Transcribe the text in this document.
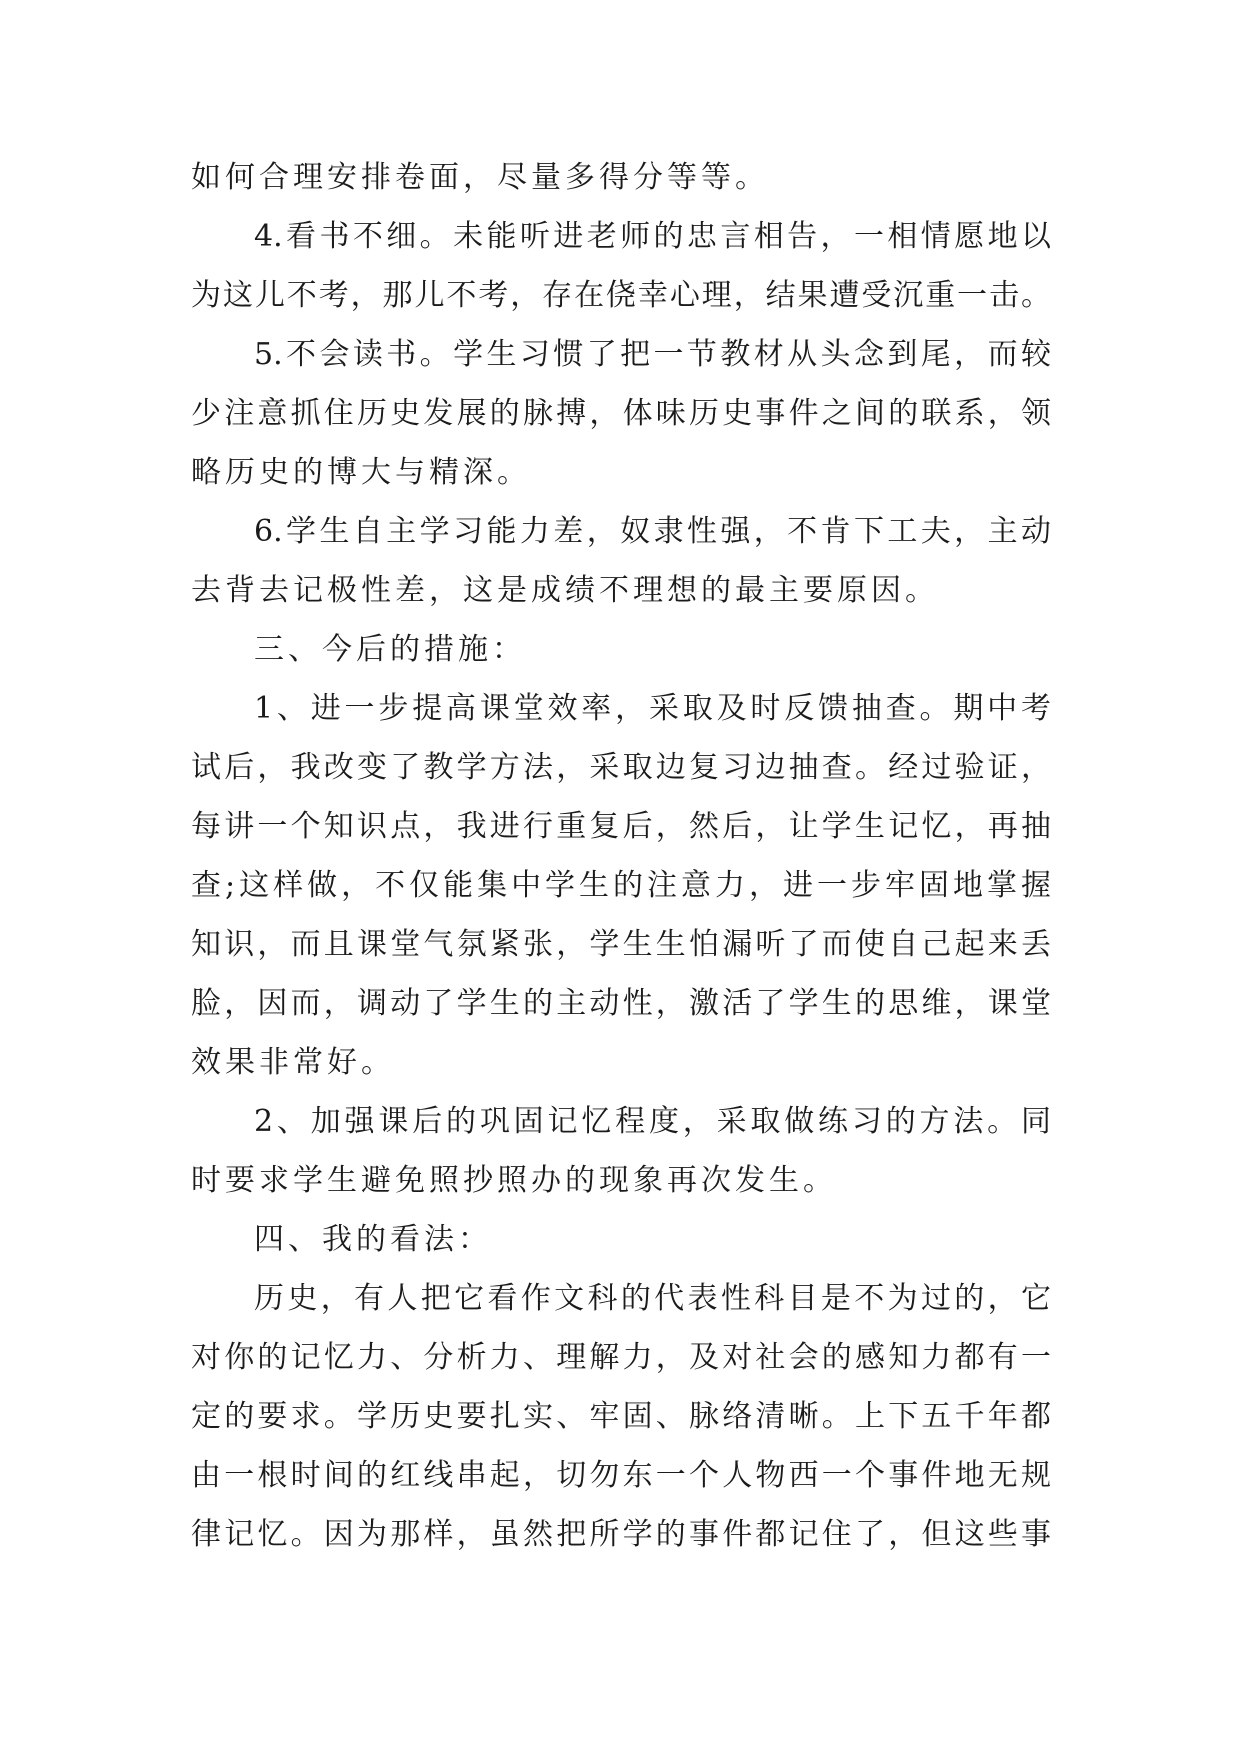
如何合理安排卷面，尽量多得分等等。
4.看书不细。未能听进老师的忠言相告，一相情愿地以
为这儿不考，那儿不考，存在侥幸心理，结果遭受沉重一击。
5.不会读书。学生习惯了把一节教材从头念到尾，而较
少注意抓住历史发展的脉搏，体味历史事件之间的联系，领
略历史的博大与精深。
6.学生自主学习能力差，奴隶性强，不肯下工夫，主动
去背去记极性差，这是成绩不理想的最主要原因。
三、今后的措施：
1、进一步提高课堂效率，采取及时反馈抽查。期中考
试后，我改变了教学方法，采取边复习边抽查。经过验证，
每讲一个知识点，我进行重复后，然后，让学生记忆，再抽
查;这样做，不仅能集中学生的注意力，进一步牢固地掌握
知识，而且课堂气氛紧张，学生生怕漏听了而使自己起来丢
脸，因而，调动了学生的主动性，激活了学生的思维，课堂
效果非常好。
2、加强课后的巩固记忆程度，采取做练习的方法。同
时要求学生避免照抄照办的现象再次发生。
四、我的看法：
历史，有人把它看作文科的代表性科目是不为过的，它
对你的记忆力、分析力、理解力，及对社会的感知力都有一
定的要求。学历史要扎实、牢固、脉络清晰。上下五千年都
由一根时间的红线串起，切勿东一个人物西一个事件地无规
律记忆。因为那样，虽然把所学的事件都记住了，但这些事
